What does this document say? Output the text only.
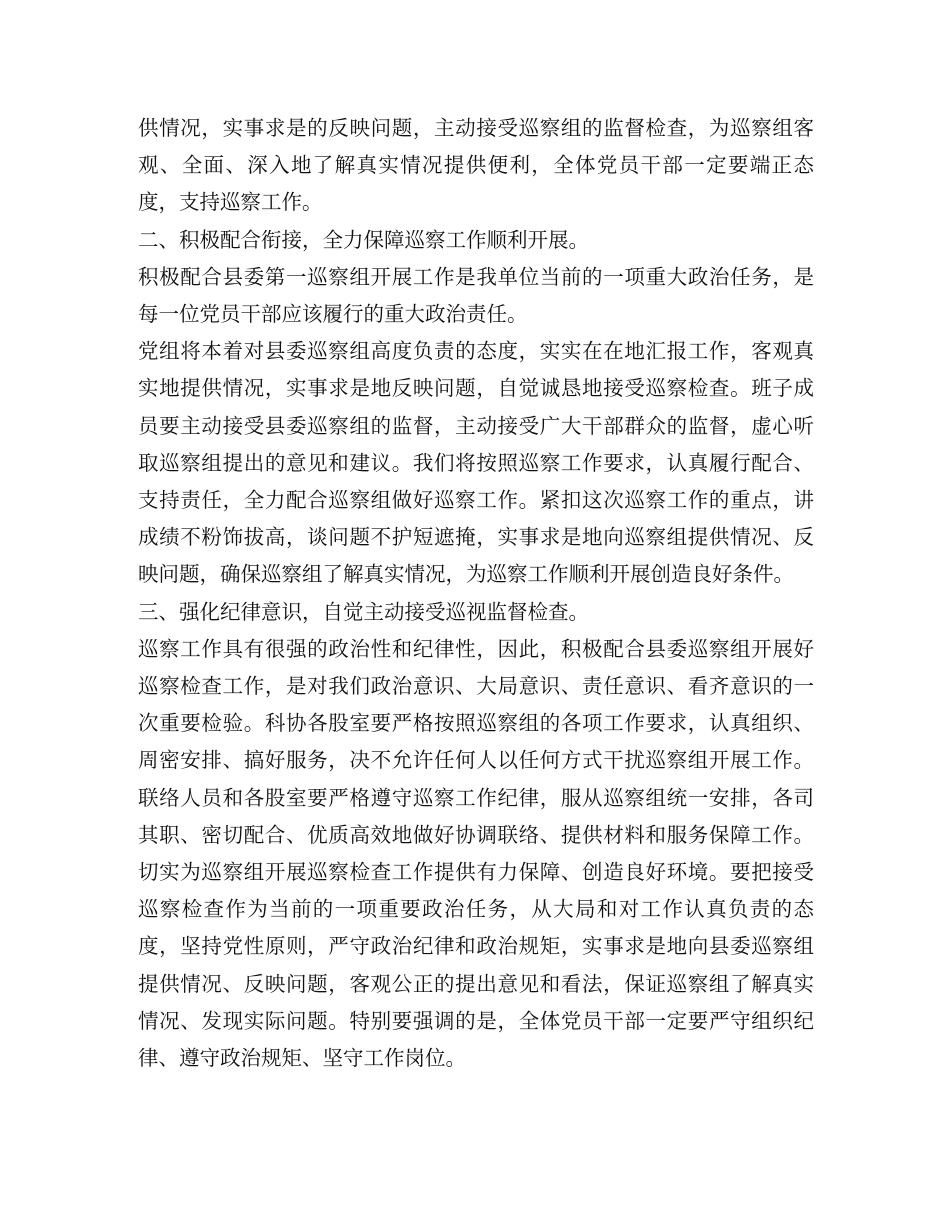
供情况，实事求是的反映问题，主动接受巡察组的监督检查，为巡察组客观、全面、深入地了解真实情况提供便利，全体党员干部一定要端正态度，支持巡察工作。

二、积极配合衔接，全力保障巡察工作顺利开展。

积极配合县委第一巡察组开展工作是我单位当前的一项重大政治任务，是每一位党员干部应该履行的重大政治责任。

党组将本着对县委巡察组高度负责的态度，实实在在地汇报工作，客观真实地提供情况，实事求是地反映问题，自觉诚恳地接受巡察检查。班子成员要主动接受县委巡察组的监督，主动接受广大干部群众的监督，虚心听取巡察组提出的意见和建议。我们将按照巡察工作要求，认真履行配合、支持责任，全力配合巡察组做好巡察工作。紧扣这次巡察工作的重点，讲成绩不粉饰拔高，谈问题不护短遮掩，实事求是地向巡察组提供情况、反映问题，确保巡察组了解真实情况，为巡察工作顺利开展创造良好条件。

三、强化纪律意识，自觉主动接受巡视监督检查。

巡察工作具有很强的政治性和纪律性，因此，积极配合县委巡察组开展好巡察检查工作，是对我们政治意识、大局意识、责任意识、看齐意识的一次重要检验。科协各股室要严格按照巡察组的各项工作要求，认真组织、周密安排、搞好服务，决不允许任何人以任何方式干扰巡察组开展工作。联络人员和各股室要严格遵守巡察工作纪律，服从巡察组统一安排，各司其职、密切配合、优质高效地做好协调联络、提供材料和服务保障工作。切实为巡察组开展巡察检查工作提供有力保障、创造良好环境。要把接受巡察检查作为当前的一项重要政治任务，从大局和对工作认真负责的态度，坚持党性原则，严守政治纪律和政治规矩，实事求是地向县委巡察组提供情况、反映问题，客观公正的提出意见和看法，保证巡察组了解真实情况、发现实际问题。特别要强调的是，全体党员干部一定要严守组织纪律、遵守政治规矩、坚守工作岗位。
